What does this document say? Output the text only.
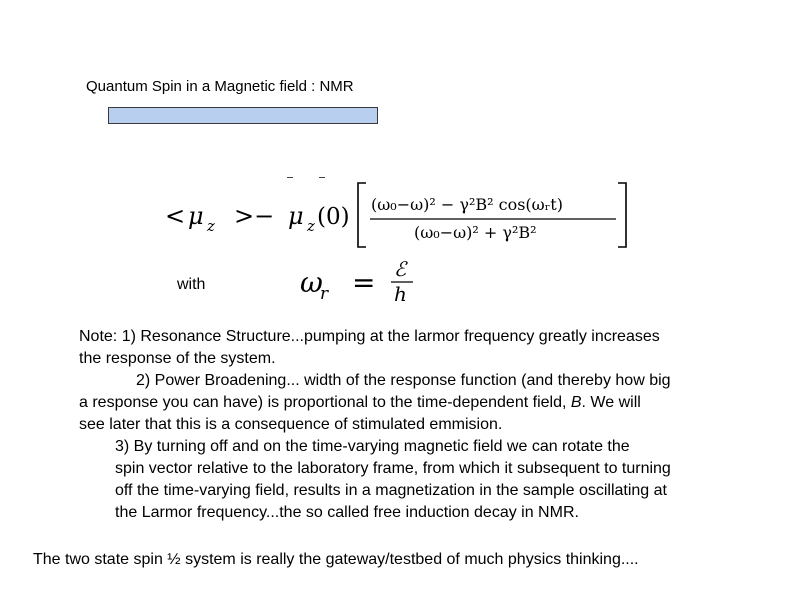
Quantum Spin in a Magnetic field : NMR
< μ z >− μ z (0) (ω₀−ω)² − γ²B² cos(ωᵣt)
(ω₀−ω)² + γ²B²
ω
r = ℰ
h
with
Note: 1) Resonance Structure...pumping at the larmor frequency greatly increases
the response of the system.
2) Power Broadening... width of the response function (and thereby how big
a response you can have) is proportional to the time-dependent field, B. We will
see later that this is a consequence of stimulated emmision.
3) By turning off and on the time-varying magnetic field we can rotate the
spin vector relative to the laboratory frame, from which it subsequent to turning
off the time-varying field, results in a magnetization in the sample oscillating at
the Larmor frequency...the so called free induction decay in NMR.
The two state spin ½ system is really the gateway/testbed of much physics thinking....
